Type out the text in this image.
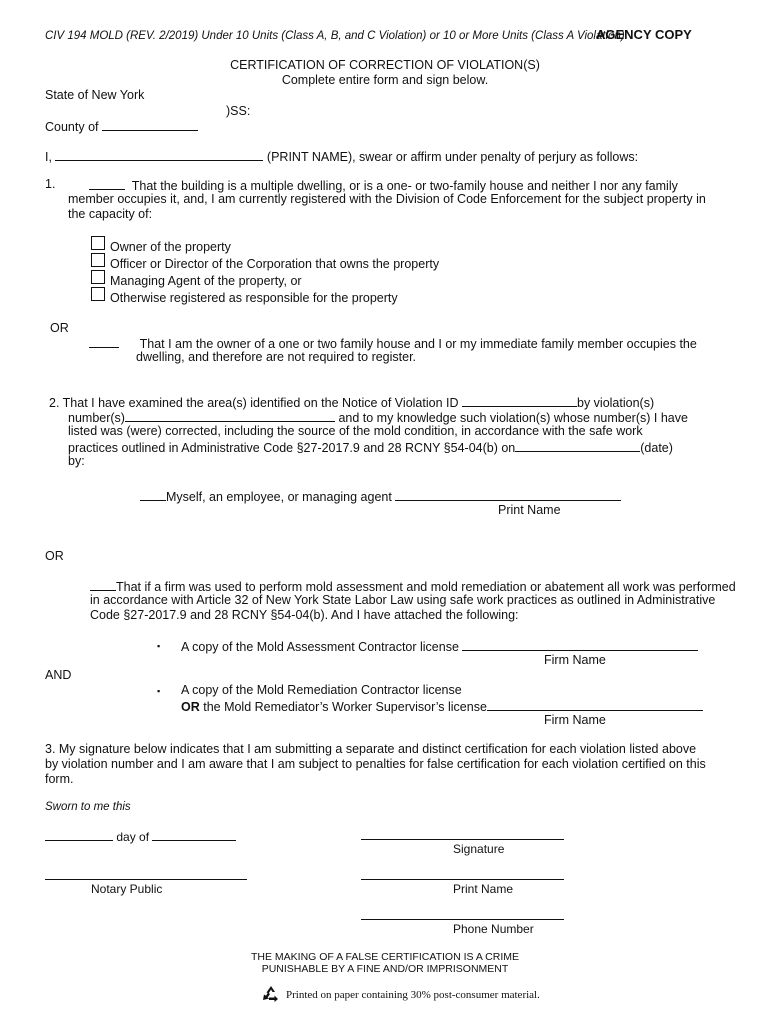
CIV 194 MOLD (REV. 2/2019) Under 10 Units (Class A, B, and C Violation) or 10 or More Units (Class A Violation)
AGENCY COPY
CERTIFICATION OF CORRECTION OF VIOLATION(S)
Complete entire form and sign below.
State of New York
)SS:
County of
I,	(PRINT NAME), swear or affirm under penalty of perjury as follows:
1.	That the building is a multiple dwelling, or is a one- or two-family house and neither I nor any family
member occupies it, and, I am currently registered with the Division of Code Enforcement for the subject property in
the capacity of:
Owner of the property
Officer or Director of the Corporation that owns the property
Managing Agent of the property, or
Otherwise registered as responsible for the property
OR
That I am the owner of a one or two family house and I or my immediate family member occupies the
dwelling, and therefore are not required to register.
2. That I have examined the area(s) identified on the Notice of Violation ID	by violation(s)
number(s)	and to my knowledge such violation(s) whose number(s) I have
listed was (were) corrected, including the source of the mold condition, in accordance with the safe work
practices outlined in Administrative Code §27-2017.9 and 28 RCNY §54-04(b) on	(date)
by:
Myself, an employee, or managing agent
Print Name
OR
That if a firm was used to perform mold assessment and mold remediation or abatement all work was performed
in accordance with Article 32 of New York State Labor Law using safe work practices as outlined in Administrative
Code §27-2017.9 and 28 RCNY §54-04(b). And I have attached the following:
▪ A copy of the Mold Assessment Contractor license
Firm Name
AND
▪ A copy of the Mold Remediation Contractor license
OR the Mold Remediator’s Worker Supervisor’s license
Firm Name
3. My signature below indicates that I am submitting a separate and distinct certification for each violation listed above
by violation number and I am aware that I am subject to penalties for false certification for each violation certified on this
form.
Sworn to me this
day of
Signature
Notary Public	Print Name
Phone Number
THE MAKING OF A FALSE CERTIFICATION IS A CRIME
PUNISHABLE BY A FINE AND/OR IMPRISONMENT
Printed on paper containing 30% post-consumer material.
